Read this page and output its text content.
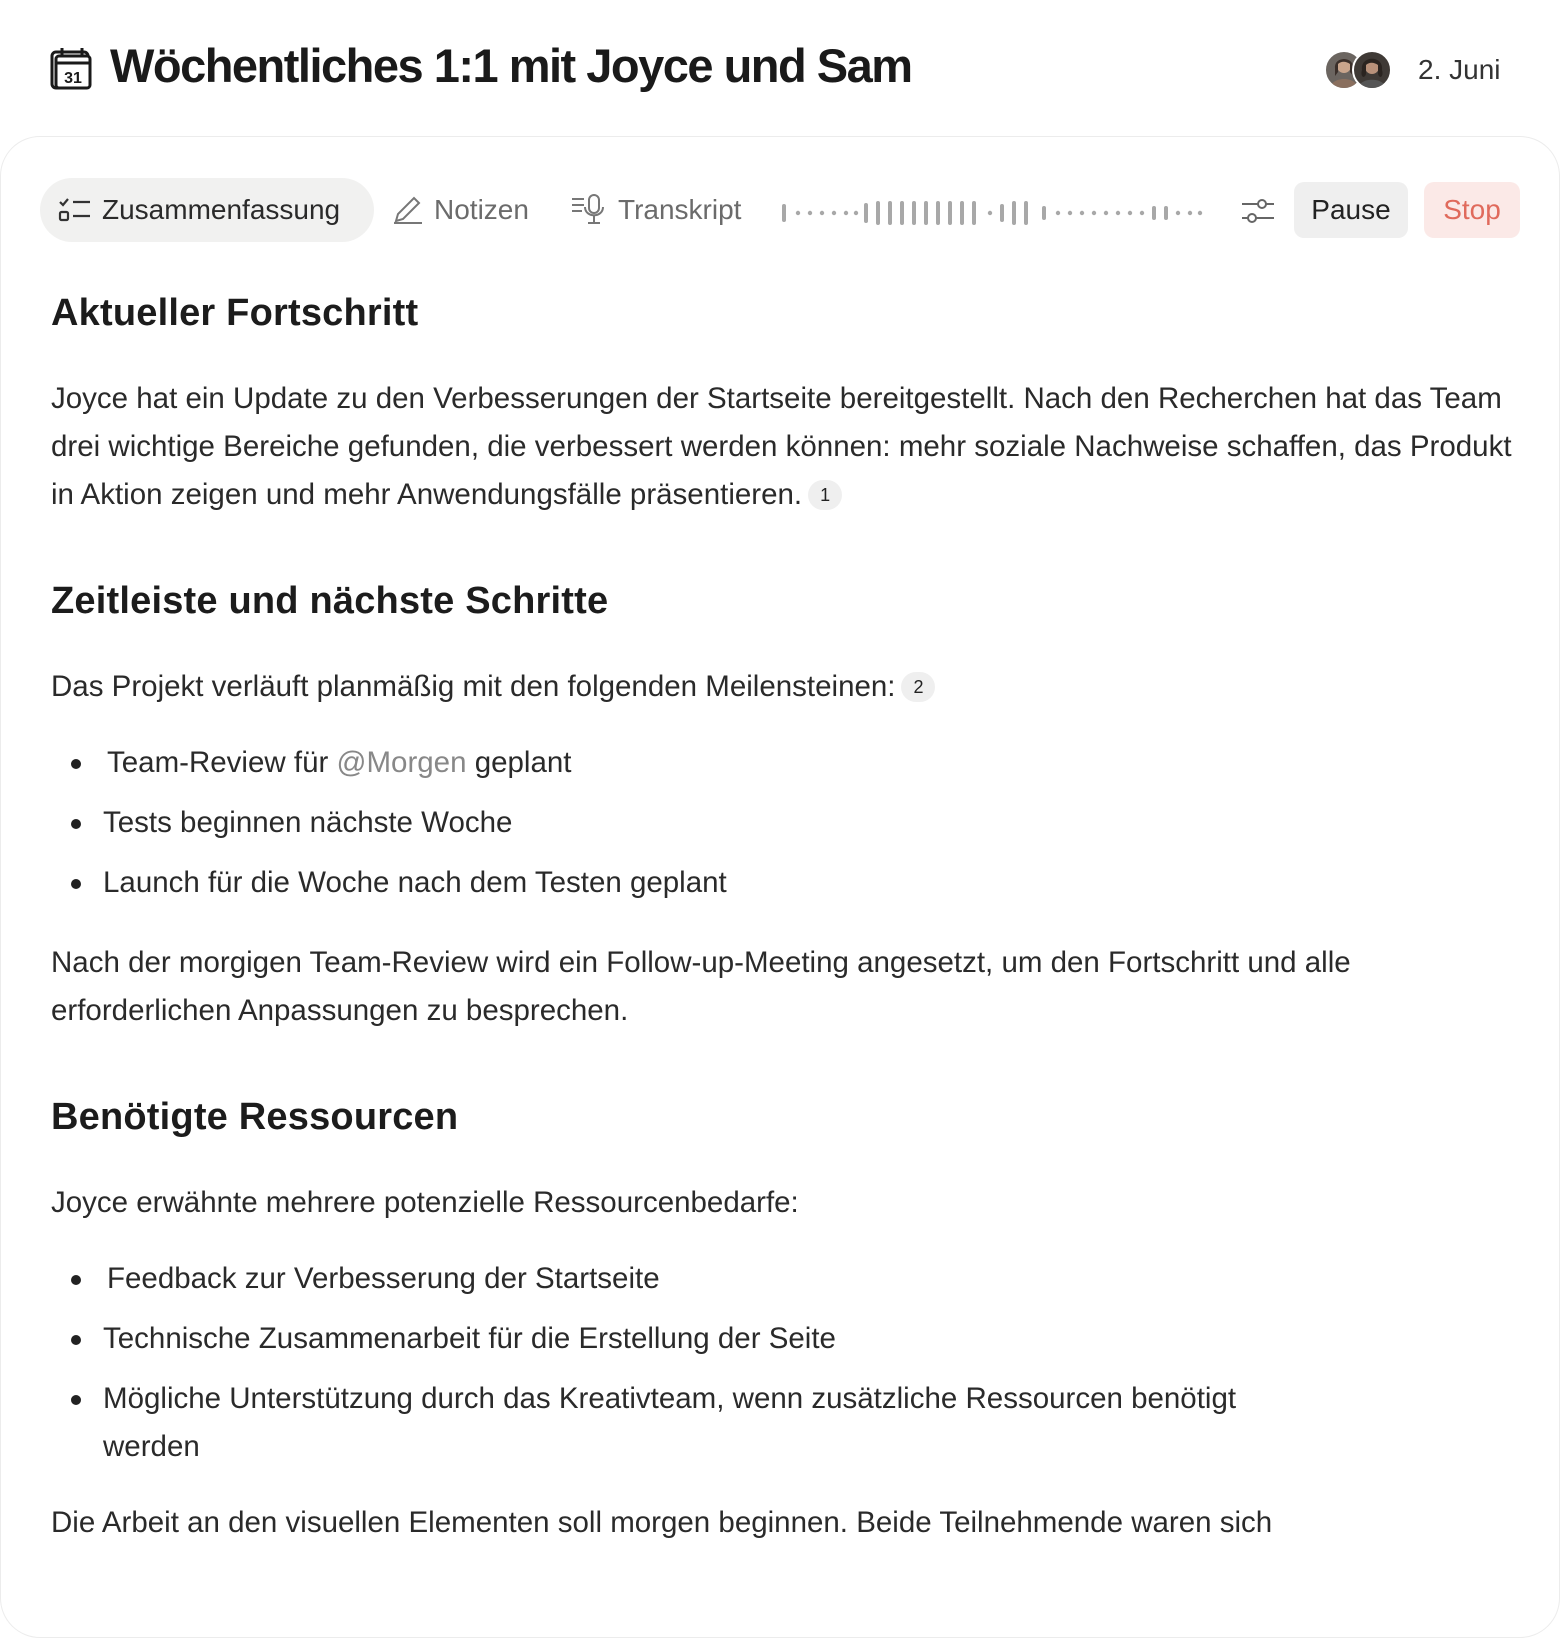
31 Wöchentliches 1:1 mit Joyce und Sam	2. Juni
Zusammenfassung	Notizen	Transkript	Pause	Stop
Aktueller Fortschritt
Joyce hat ein Update zu den Verbesserungen der Startseite bereitgestellt. Nach den Recherchen hat das Team drei wichtige Bereiche gefunden, die verbessert werden können: mehr soziale Nachweise schaffen, das Produkt in Aktion zeigen und mehr Anwendungsfälle präsentieren. 1
Zeitleiste und nächste Schritte
Das Projekt verläuft planmäßig mit den folgenden Meilensteinen: 2
Team-Review für @Morgen geplant
Tests beginnen nächste Woche
Launch für die Woche nach dem Testen geplant
Nach der morgigen Team-Review wird ein Follow-up-Meeting angesetzt, um den Fortschritt und alle erforderlichen Anpassungen zu besprechen.
Benötigte Ressourcen
Joyce erwähnte mehrere potenzielle Ressourcenbedarfe:
Feedback zur Verbesserung der Startseite
Technische Zusammenarbeit für die Erstellung der Seite
Mögliche Unterstützung durch das Kreativteam, wenn zusätzliche Ressourcen benötigt werden
Die Arbeit an den visuellen Elementen soll morgen beginnen. Beide Teilnehmende waren sich
